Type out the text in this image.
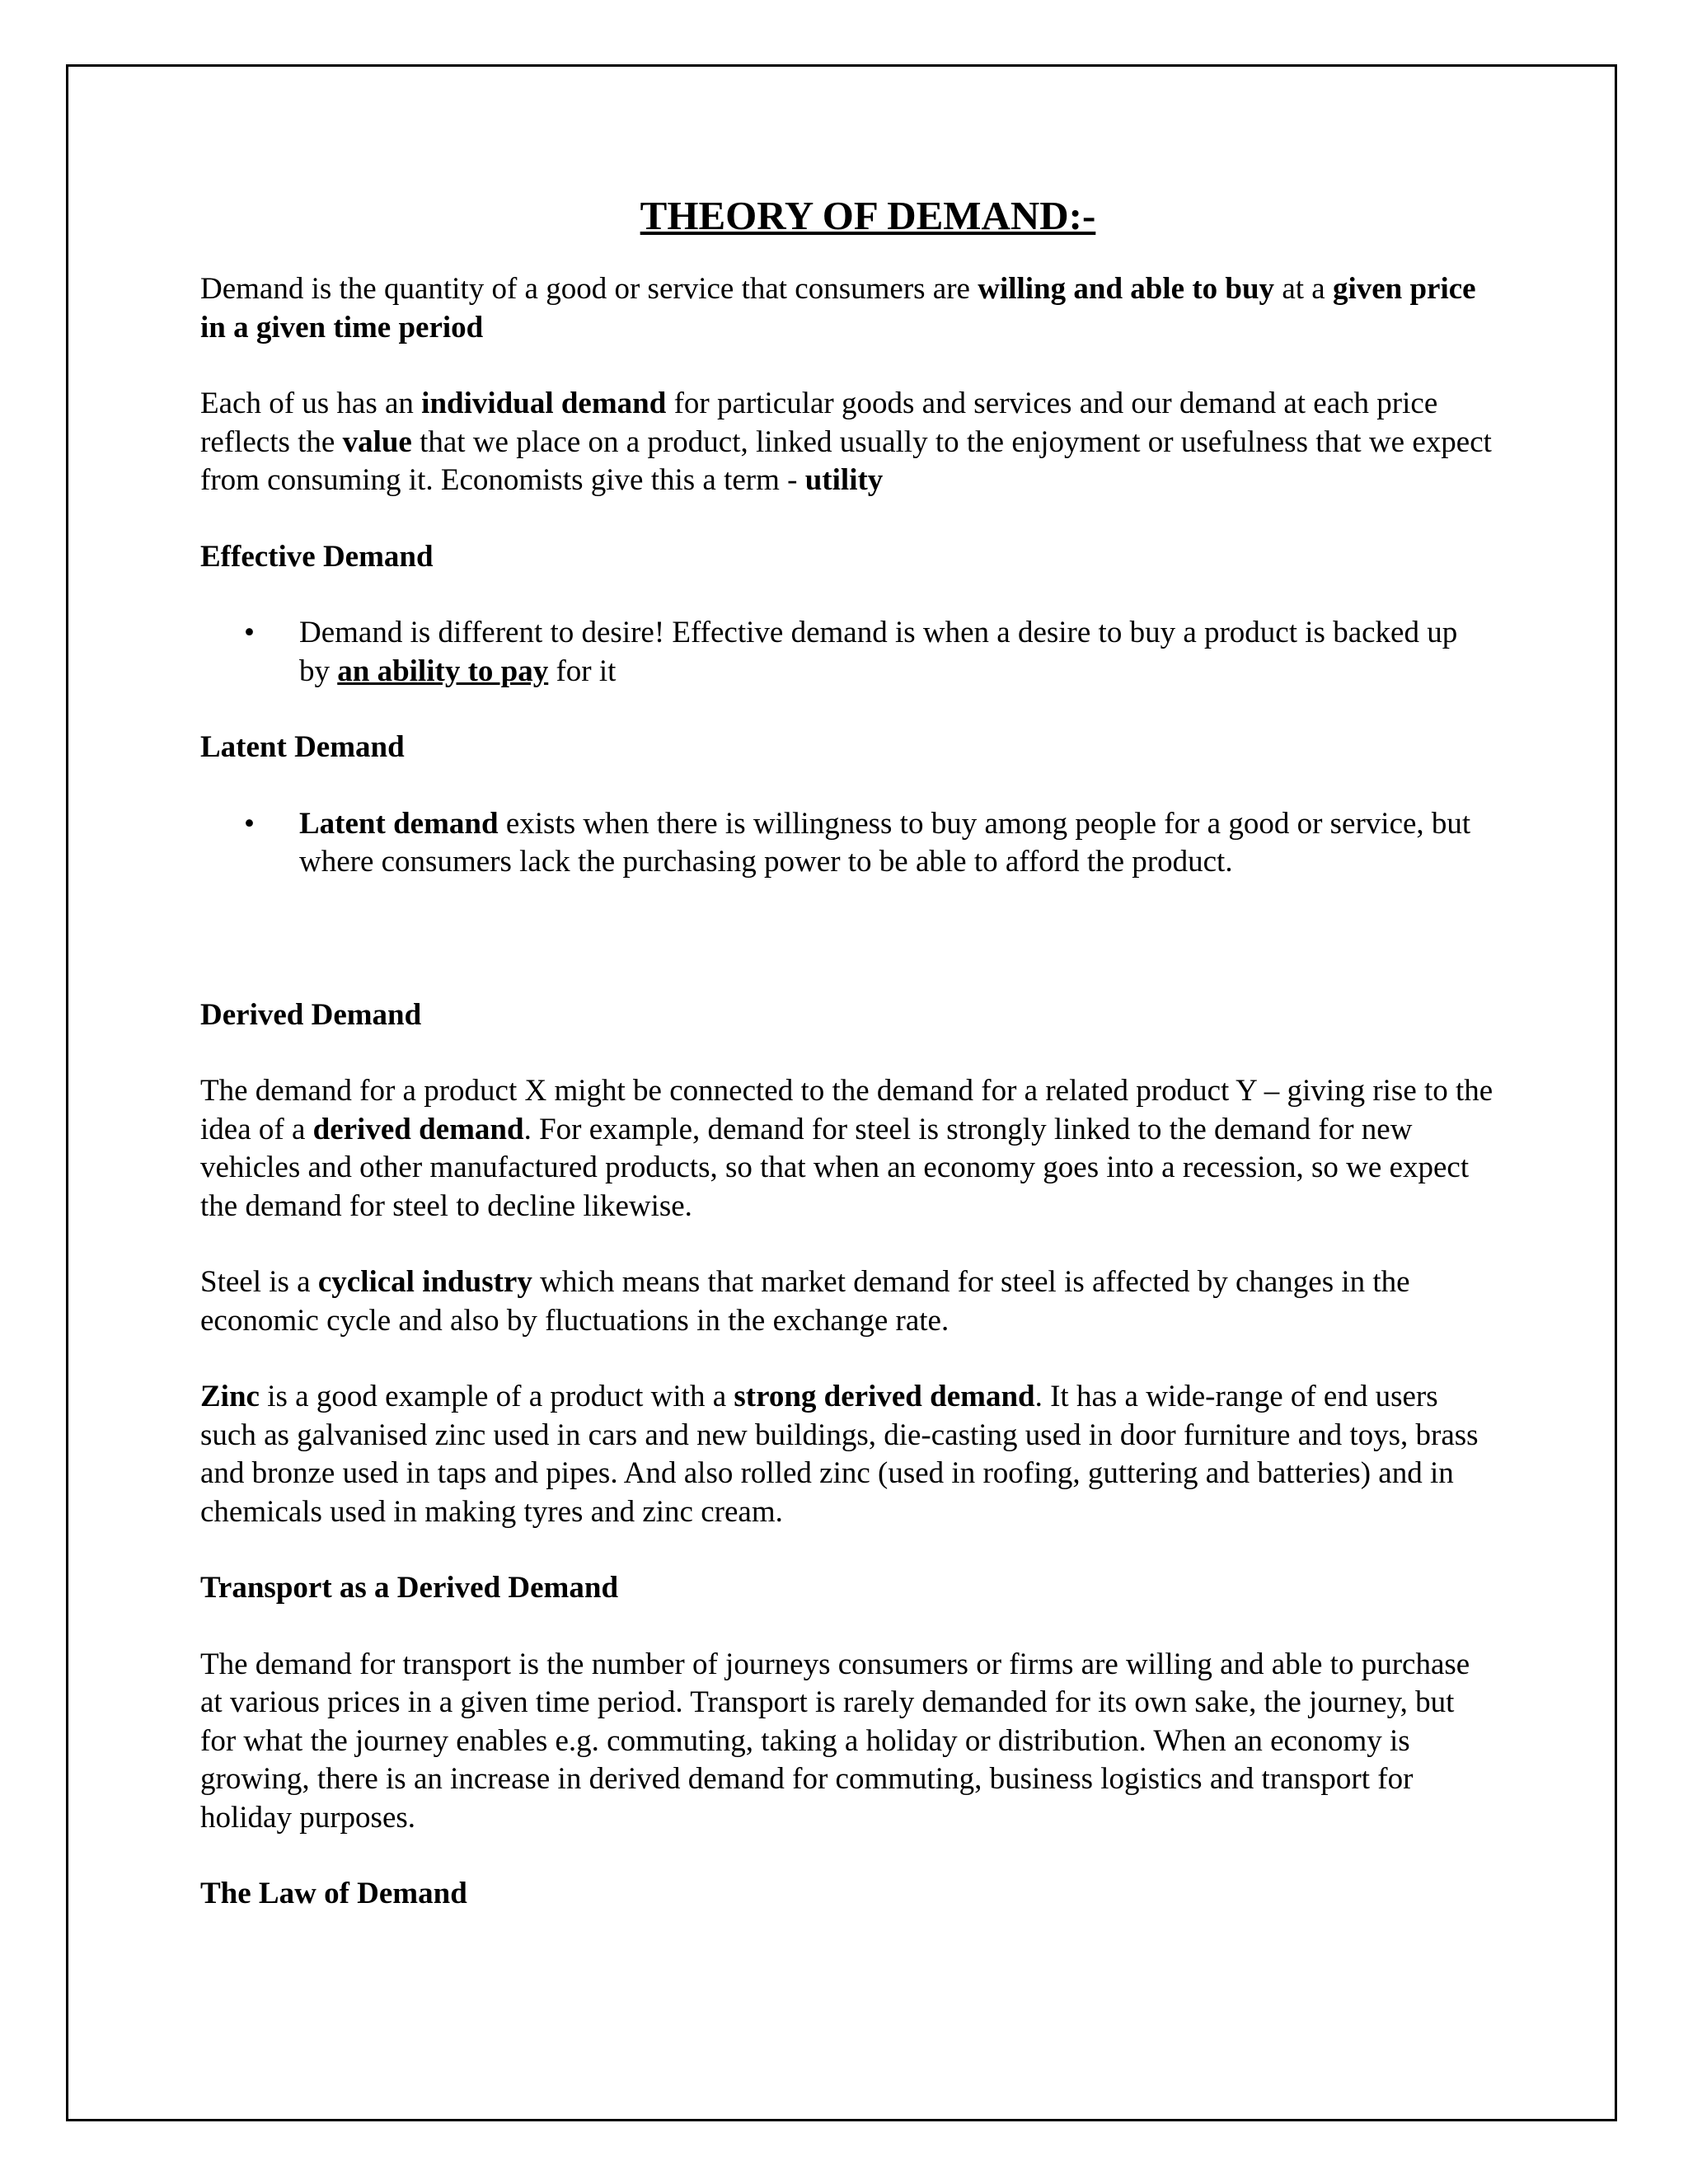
THEORY OF DEMAND:-

Demand is the quantity of a good or service that consumers are willing and able to buy at a given price in a given time period

Each of us has an individual demand for particular goods and services and our demand at each price reflects the value that we place on a product, linked usually to the enjoyment or usefulness that we expect from consuming it. Economists give this a term - utility

Effective Demand
• Demand is different to desire! Effective demand is when a desire to buy a product is backed up by an ability to pay for it
Latent Demand
• Latent demand exists when there is willingness to buy among people for a good or service, but where consumers lack the purchasing power to be able to afford the product.
Derived Demand

The demand for a product X might be connected to the demand for a related product Y – giving rise to the idea of a derived demand. For example, demand for steel is strongly linked to the demand for new vehicles and other manufactured products, so that when an economy goes into a recession, so we expect the demand for steel to decline likewise.

Steel is a cyclical industry which means that market demand for steel is affected by changes in the economic cycle and also by fluctuations in the exchange rate.

Zinc is a good example of a product with a strong derived demand. It has a wide-range of end users such as galvanised zinc used in cars and new buildings, die-casting used in door furniture and toys, brass and bronze used in taps and pipes. And also rolled zinc (used in roofing, guttering and batteries) and in chemicals used in making tyres and zinc cream.

Transport as a Derived Demand

The demand for transport is the number of journeys consumers or firms are willing and able to purchase at various prices in a given time period. Transport is rarely demanded for its own sake, the journey, but for what the journey enables e.g. commuting, taking a holiday or distribution. When an economy is growing, there is an increase in derived demand for commuting, business logistics and transport for holiday purposes.

The Law of Demand
